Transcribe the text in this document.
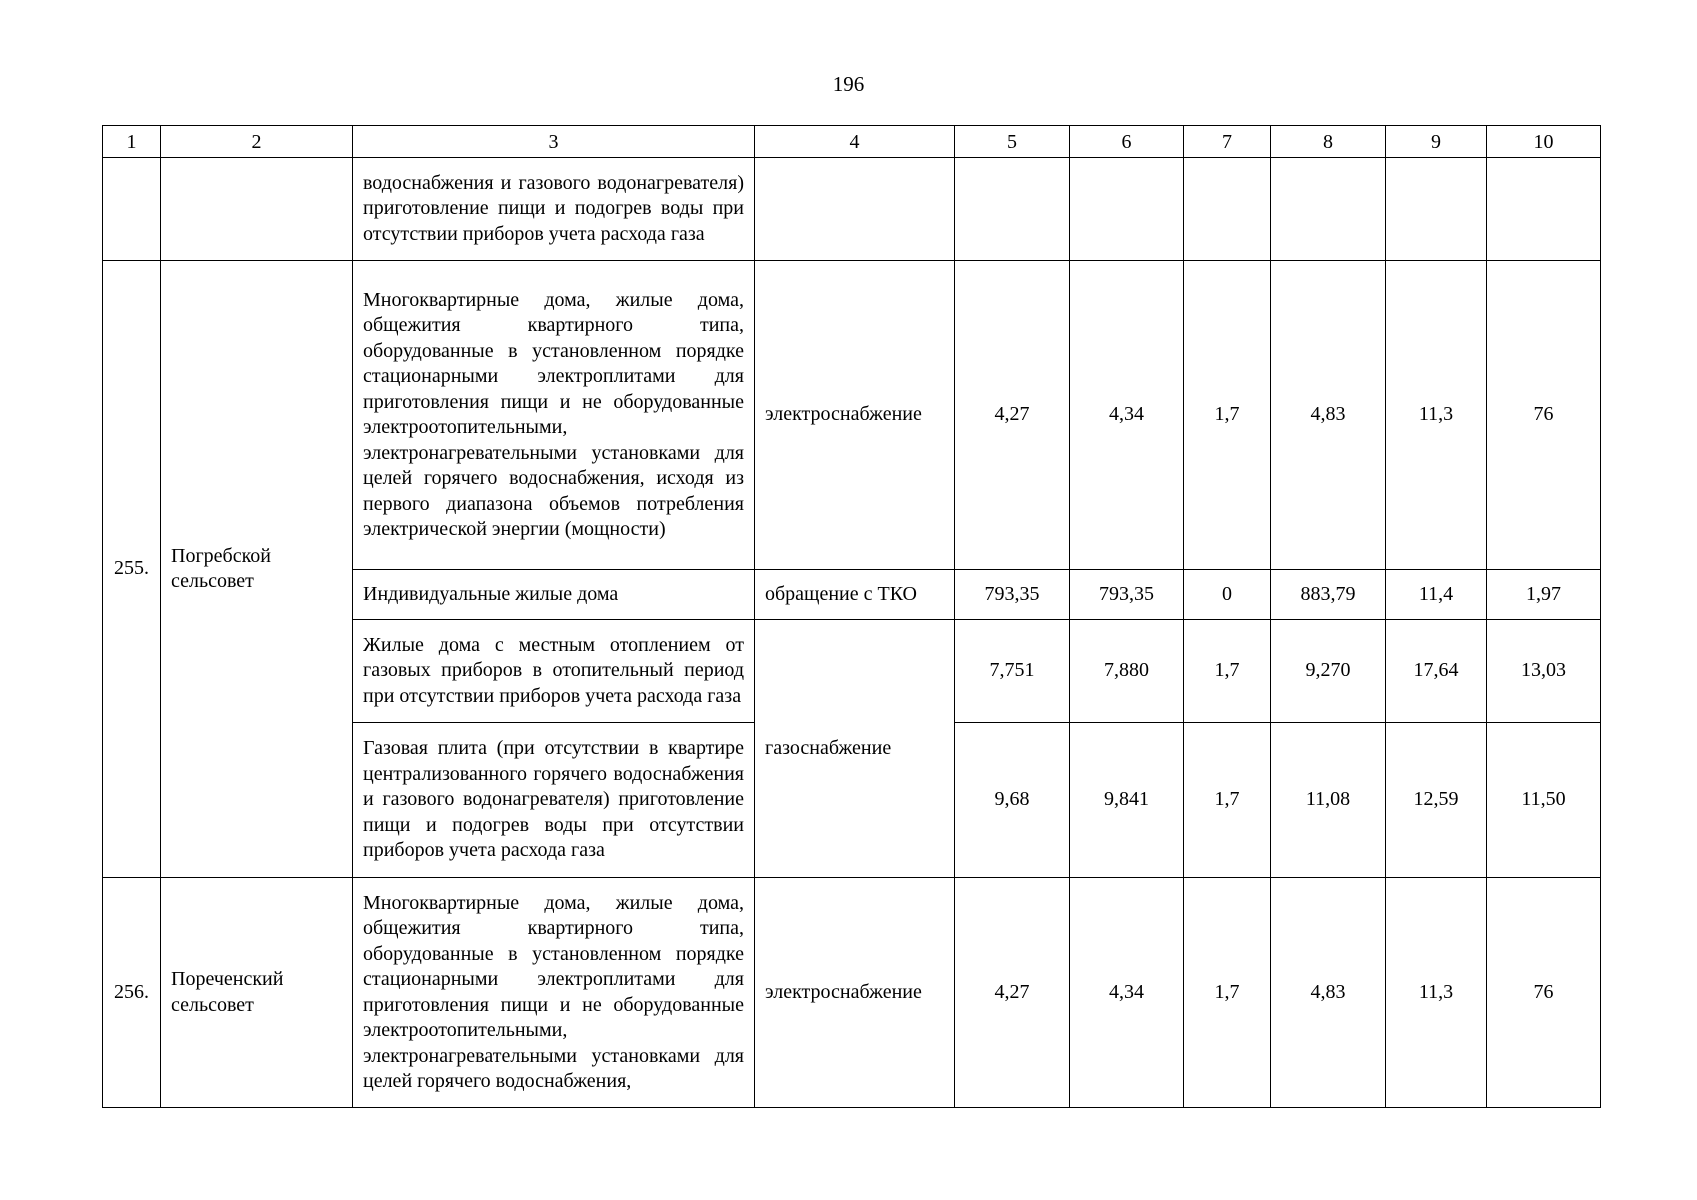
196
1	2	3	4	5	6	7	8	9	10
		водоснабжения и газового водонагревателя) приготовление пищи и подогрев воды при отсутствии приборов учета расхода газа							
255.	Погребской сельсовет	Многоквартирные дома, жилые дома, общежития квартирного типа, оборудованные в установленном порядке стационарными электроплитами для приготовления пищи и не оборудованные электроотопительными, электронагревательными установками для целей горячего водоснабжения, исходя из первого диапазона объемов потребления электрической энергии (мощности)	электроснабжение	4,27	4,34	1,7	4,83	11,3	76
		Индивидуальные жилые дома	обращение с ТКО	793,35	793,35	0	883,79	11,4	1,97
		Жилые дома с местным отоплением от газовых приборов в отопительный период при отсутствии приборов учета расхода газа	газоснабжение	7,751	7,880	1,7	9,270	17,64	13,03
		Газовая плита (при отсутствии в квартире централизованного горячего водоснабжения и газового водонагревателя) приготовление пищи и подогрев воды при отсутствии приборов учета расхода газа		9,68	9,841	1,7	11,08	12,59	11,50
256.	Пореченский сельсовет	Многоквартирные дома, жилые дома, общежития квартирного типа, оборудованные в установленном порядке стационарными электроплитами для приготовления пищи и не оборудованные электроотопительными, электронагревательными установками для целей горячего водоснабжения,	электроснабжение	4,27	4,34	1,7	4,83	11,3	76
